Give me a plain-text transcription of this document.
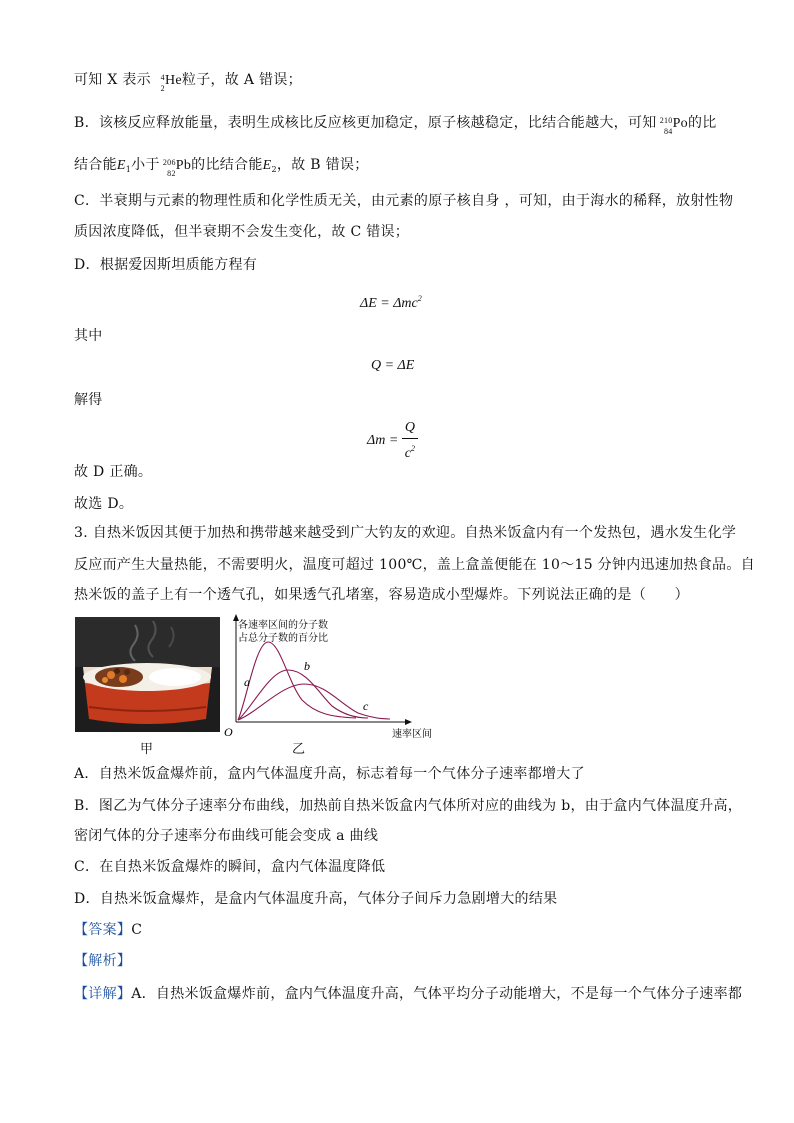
可知 X 表示 4
2
He粒子，故 A 错误；
B．该核反应释放能量，表明生成核比反应核更加稳定，原子核越稳定，比结合能越大，可知 210
84
Po的比
结合能$E_1$小于 206
82
Pb的比结合能$E_2$，故 B 错误；
C．半衰期与元素的物理性质和化学性质无关，由元素的原子核自身 ，可知，由于海水的稀释，放射性物
质因浓度降低，但半衰期不会发生变化，故 C 错误；
D．根据爱因斯坦质能方程有
ΔE = Δmc$^2$
其中
Q = ΔE
解得
$\Delta m = \frac{Q}{c^2}$
故 D 正确。
故选 D。
3. 自热米饭因其便于加热和携带越来越受到广大钓友的欢迎。自热米饭盒内有一个发热包，遇水发生化学
反应而产生大量热能，不需要明火，温度可超过 100℃，盖上盒盖便能在 10～15 分钟内迅速加热食品。自
热米饭的盖子上有一个透气孔，如果透气孔堵塞，容易造成小型爆炸。下列说法正确的是（　　）
a
b
c
各速率区间的分子数
占总分子数的百分比
速率区间
O
甲	乙
A．自热米饭盒爆炸前，盒内气体温度升高，标志着每一个气体分子速率都增大了
B．图乙为气体分子速率分布曲线，加热前自热米饭盒内气体所对应的曲线为 b，由于盒内气体温度升高，
密闭气体的分子速率分布曲线可能会变成 a 曲线
C．在自热米饭盒爆炸的瞬间，盒内气体温度降低
D．自热米饭盒爆炸，是盒内气体温度升高，气体分子间斥力急剧增大的结果
【答案】C
【解析】
【详解】A．自热米饭盒爆炸前，盒内气体温度升高，气体平均分子动能增大，不是每一个气体分子速率都
